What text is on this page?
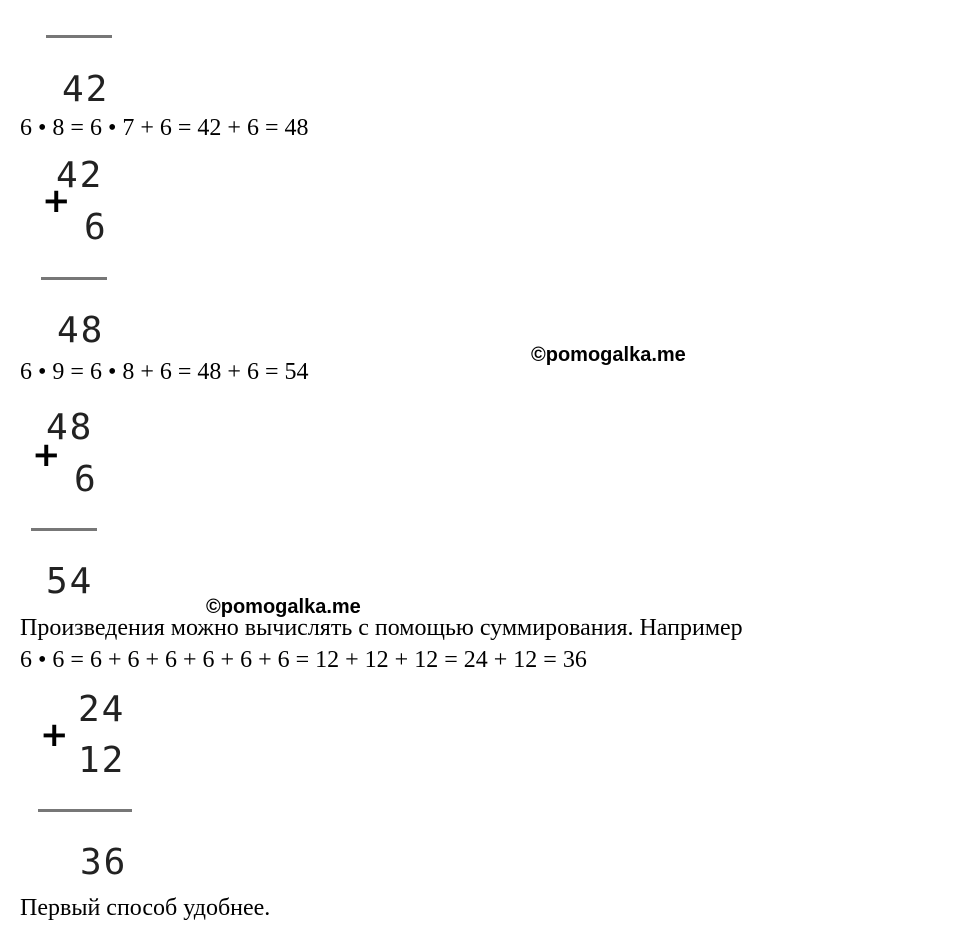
42
6 • 8 = 6 • 7 + 6 = 42 + 6 = 48
42
+
6
48
6 • 9 = 6 • 8 + 6 = 48 + 6 = 54
©pomogalka.me
48
+
6
54
©pomogalka.me
Произведения можно вычислять с помощью суммирования. Например
6 • 6 = 6 + 6 + 6 + 6 + 6 + 6 = 12 + 12 + 12 = 24 + 12 = 36
24
+
12
36
Первый способ удобнее.
